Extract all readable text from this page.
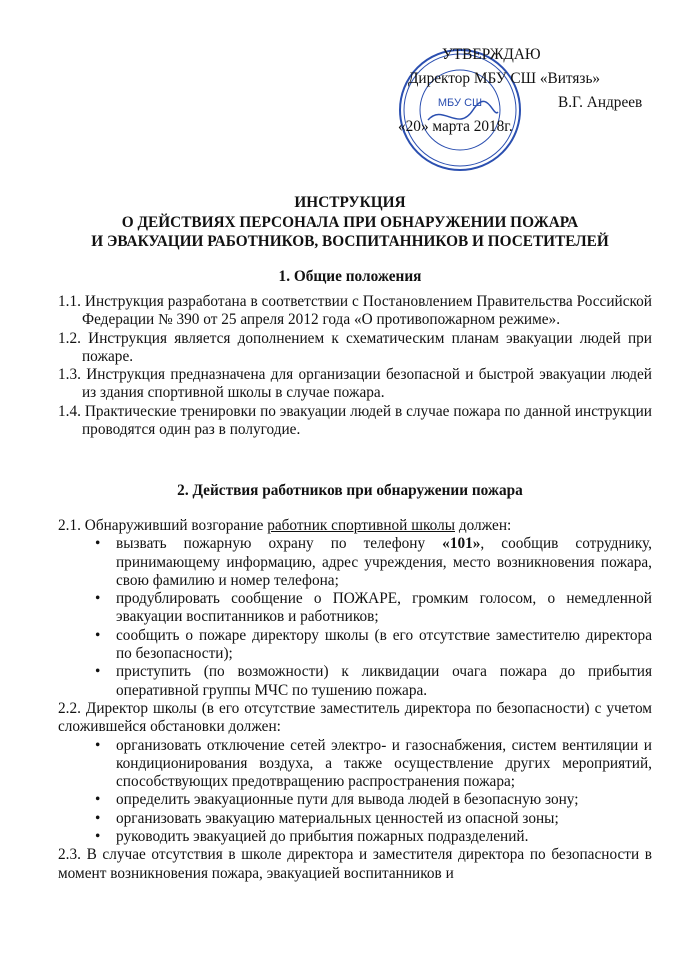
МБУ СШ
УТВЕРЖДАЮ
Директор МБУ СШ «Витязь»
В.Г. Андреев
«20» марта 2018г.
ИНСТРУКЦИЯ
О ДЕЙСТВИЯХ ПЕРСОНАЛА ПРИ ОБНАРУЖЕНИИ ПОЖАРА
И ЭВАКУАЦИИ РАБОТНИКОВ, ВОСПИТАННИКОВ И ПОСЕТИТЕЛЕЙ
1. Общие положения
1.1. Инструкция разработана в соответствии с Постановлением Правительства Российской Федерации № 390 от 25 апреля 2012 года «О противопожарном режиме».
1.2. Инструкция является дополнением к схематическим планам эвакуации людей при пожаре.
1.3. Инструкция предназначена для организации безопасной и быстрой эвакуации людей из здания спортивной школы в случае пожара.
1.4. Практические тренировки по эвакуации людей в случае пожара по данной инструкции проводятся один раз в полугодие.
2. Действия работников при обнаружении пожара
2.1. Обнаруживший возгорание работник спортивной школы должен:
• вызвать пожарную охрану по телефону «101», сообщив сотруднику, принимающему информацию, адрес учреждения, место возникновения пожара, свою фамилию и номер телефона;
• продублировать сообщение о ПОЖАРЕ, громким голосом, о немедленной эвакуации воспитанников и работников;
• сообщить о пожаре директору школы (в его отсутствие заместителю директора по безопасности);
• приступить (по возможности) к ликвидации очага пожара до прибытия оперативной группы МЧС по тушению пожара.
2.2. Директор школы (в его отсутствие заместитель директора по безопасности) с учетом сложившейся обстановки должен:
• организовать отключение сетей электро- и газоснабжения, систем вентиляции и кондиционирования воздуха, а также осуществление других мероприятий, способствующих предотвращению распространения пожара;
• определить эвакуационные пути для вывода людей в безопасную зону;
• организовать эвакуацию материальных ценностей из опасной зоны;
• руководить эвакуацией до прибытия пожарных подразделений.
2.3. В случае отсутствия в школе директора и заместителя директора по безопасности в момент возникновения пожара, эвакуацией воспитанников и
